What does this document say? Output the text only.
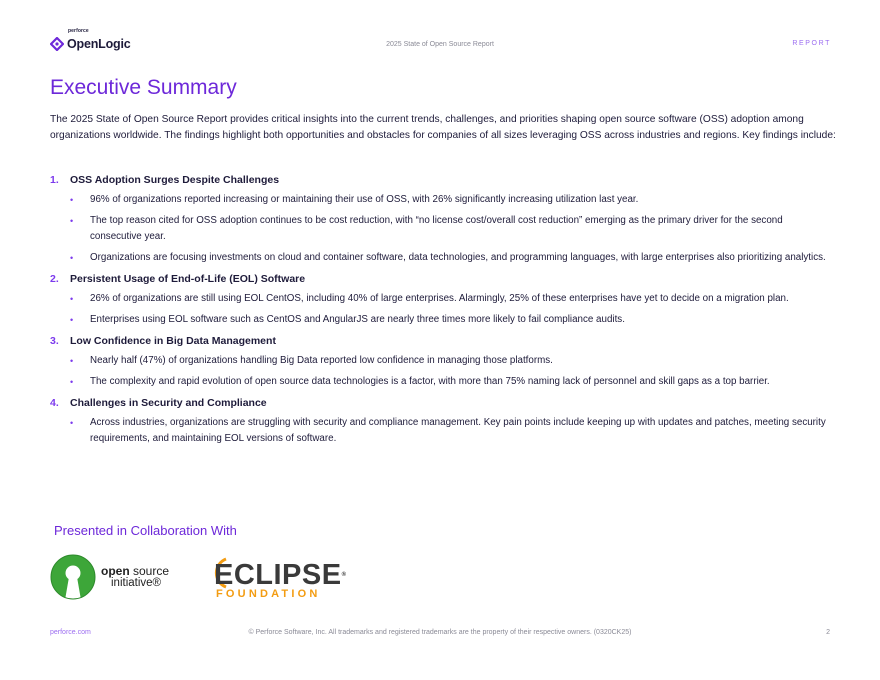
perforce
OpenLogic	2025 State of Open Source Report	REPORT
Executive Summary
The 2025 State of Open Source Report provides critical insights into the current trends, challenges, and priorities shaping open source software (OSS) adoption among organizations worldwide. The findings highlight both opportunities and obstacles for companies of all sizes leveraging OSS across industries and regions. Key findings include:
1.	OSS Adoption Surges Despite Challenges
•	96% of organizations reported increasing or maintaining their use of OSS, with 26% significantly increasing utilization last year.
•	The top reason cited for OSS adoption continues to be cost reduction, with “no license cost/overall cost reduction” emerging as the primary driver for the second consecutive year.
•	Organizations are focusing investments on cloud and container software, data technologies, and programming languages, with large enterprises also prioritizing analytics.
2.	Persistent Usage of End-of-Life (EOL) Software
•	26% of organizations are still using EOL CentOS, including 40% of large enterprises. Alarmingly, 25% of these enterprises have yet to decide on a migration plan.
•	Enterprises using EOL software such as CentOS and AngularJS are nearly three times more likely to fail compliance audits.
3.	Low Confidence in Big Data Management
•	Nearly half (47%) of organizations handling Big Data reported low confidence in managing those platforms.
•	The complexity and rapid evolution of open source data technologies is a factor, with more than 75% naming lack of personnel and skill gaps as a top barrier.
4.	Challenges in Security and Compliance
•	Across industries, organizations are struggling with security and compliance management. Key pain points include keeping up with updates and patches, meeting security requirements, and maintaining EOL versions of software.
Presented in Collaboration With
open source
initiative® ECLIPSE®
FOUNDATION
perforce.com	© Perforce Software, Inc. All trademarks and registered trademarks are the property of their respective owners. (0320CK25)	2
